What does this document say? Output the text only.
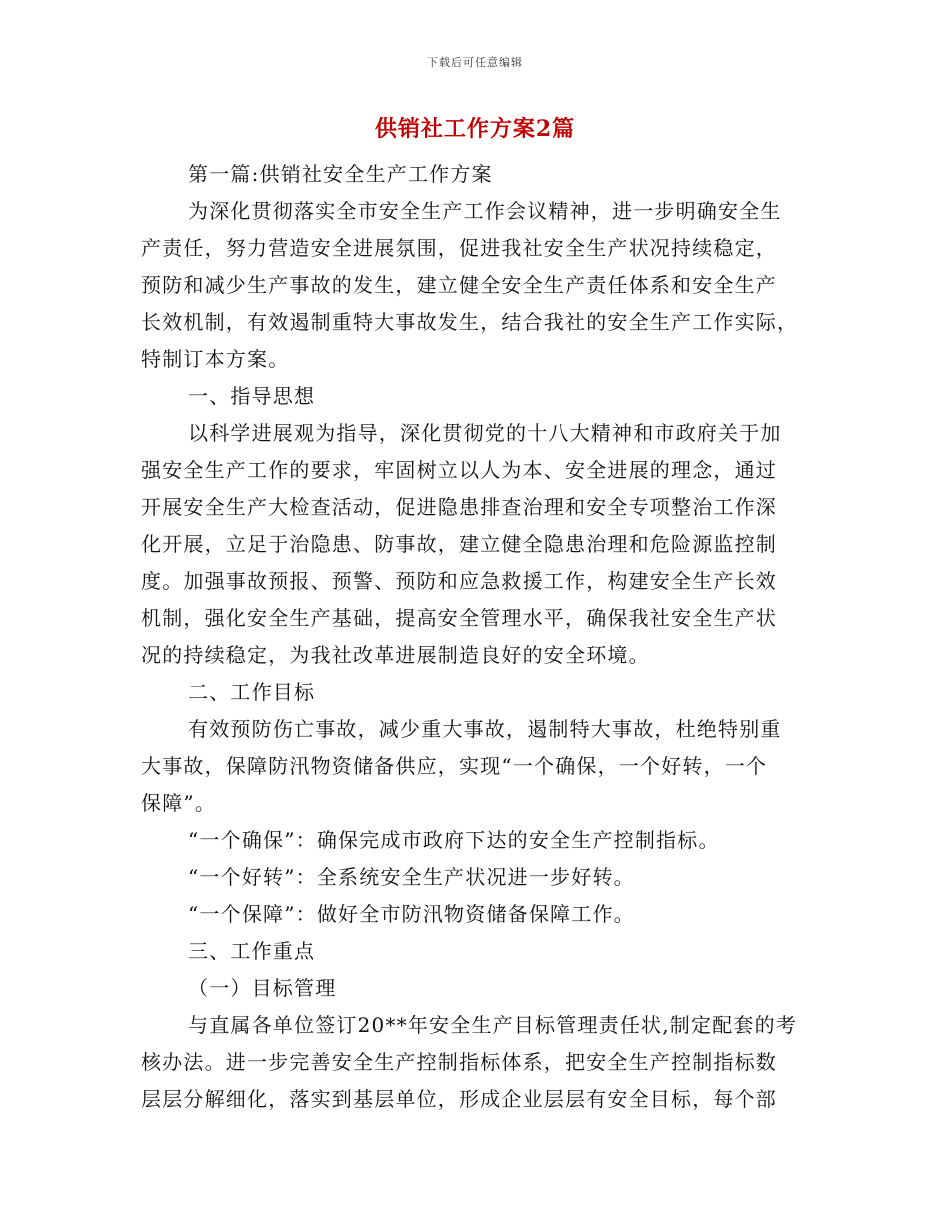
下载后可任意编辑
供销社工作方案2篇
第一篇:供销社安全生产工作方案
为深化贯彻落实全市安全生产工作会议精神，进一步明确安全生
产责任，努力营造安全进展氛围，促进我社安全生产状况持续稳定，
预防和减少生产事故的发生，建立健全安全生产责任体系和安全生产
长效机制，有效遏制重特大事故发生，结合我社的安全生产工作实际，
特制订本方案。
一、指导思想
以科学进展观为指导，深化贯彻党的十八大精神和市政府关于加
强安全生产工作的要求，牢固树立以人为本、安全进展的理念，通过
开展安全生产大检查活动，促进隐患排查治理和安全专项整治工作深
化开展，立足于治隐患、防事故，建立健全隐患治理和危险源监控制
度。加强事故预报、预警、预防和应急救援工作，构建安全生产长效
机制，强化安全生产基础，提高安全管理水平，确保我社安全生产状
况的持续稳定，为我社改革进展制造良好的安全环境。
二、工作目标
有效预防伤亡事故，减少重大事故，遏制特大事故，杜绝特别重
大事故，保障防汛物资储备供应，实现“一个确保，一个好转，一个
保障”。
“一个确保”：确保完成市政府下达的安全生产控制指标。
“一个好转”：全系统安全生产状况进一步好转。
“一个保障”：做好全市防汛物资储备保障工作。
三、工作重点
（一）目标管理
与直属各单位签订20**年安全生产目标管理责任状,制定配套的考
核办法。进一步完善安全生产控制指标体系，把安全生产控制指标数
层层分解细化，落实到基层单位，形成企业层层有安全目标，每个部
